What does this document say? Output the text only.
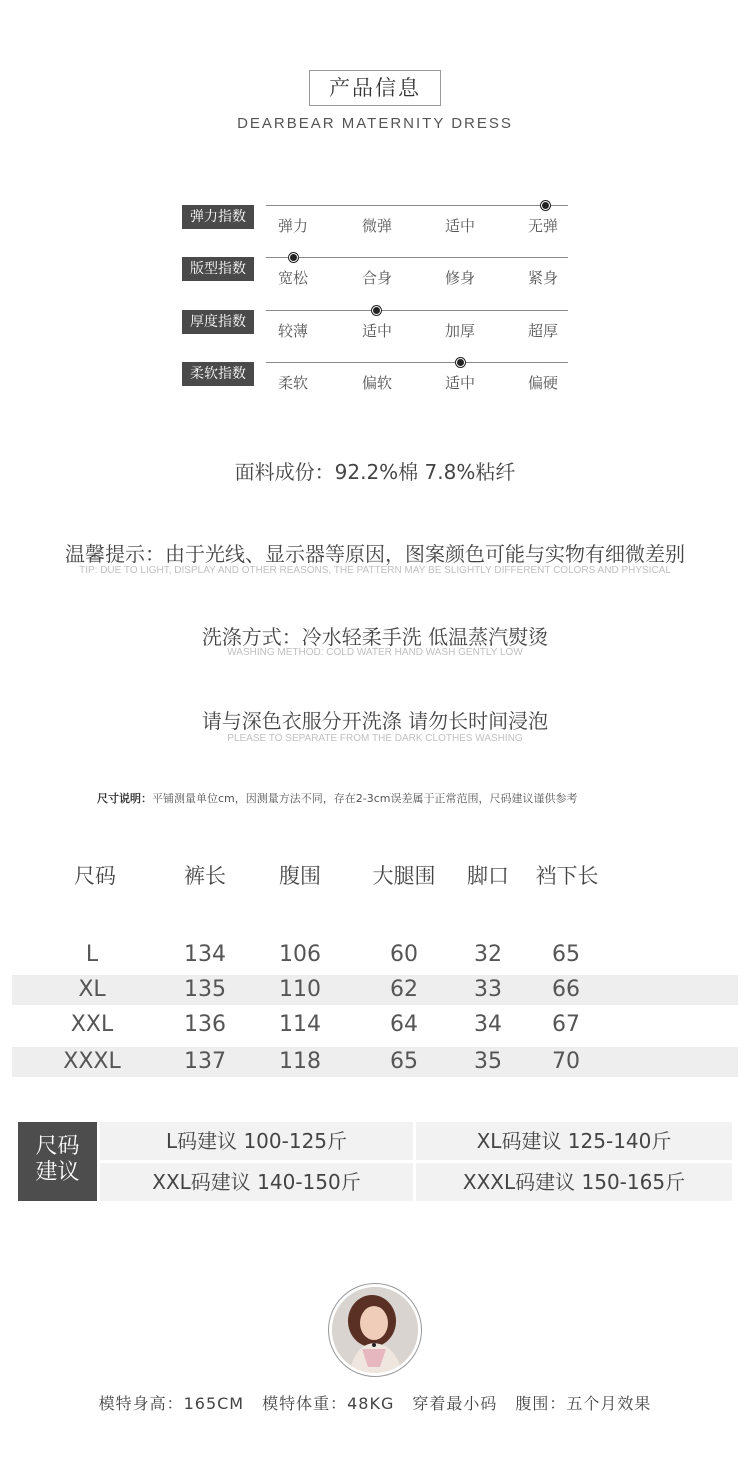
产品信息
DEARBEAR MATERNITY DRESS
弹力指数	弹力	微弹	适中	无弹
版型指数	宽松	合身	修身	紧身
厚度指数	较薄	适中	加厚	超厚
柔软指数	柔软	偏软	适中	偏硬
面料成份：92.2%棉 7.8%粘纤
温馨提示：由于光线、显示器等原因，图案颜色可能与实物有细微差别
TIP: DUE TO LIGHT, DISPLAY AND OTHER REASONS, THE PATTERN MAY BE SLIGHTLY DIFFERENT COLORS AND PHYSICAL
洗涤方式：冷水轻柔手洗 低温蒸汽熨烫
WASHING METHOD: COLD WATER HAND WASH GENTLY LOW
请与深色衣服分开洗涤 请勿长时间浸泡
PLEASE TO SEPARATE FROM THE DARK CLOTHES WASHING
尺寸说明：平铺测量单位cm，因测量方法不同，存在2-3cm误差属于正常范围，尺码建议谨供参考
尺码	裤长	腹围	大腿围	脚口	裆下长
L	134	106	60	32	65
XL	135	110	62	33	66
XXL	136	114	64	34	67
XXXL	137	118	65	35	70
尺码
建议
L码建议 100-125斤	XL码建议 125-140斤
XXL码建议 140-150斤	XXXL码建议 150-165斤
模特身高：165CM 模特体重：48KG 穿着最小码 腹围：五个月效果
